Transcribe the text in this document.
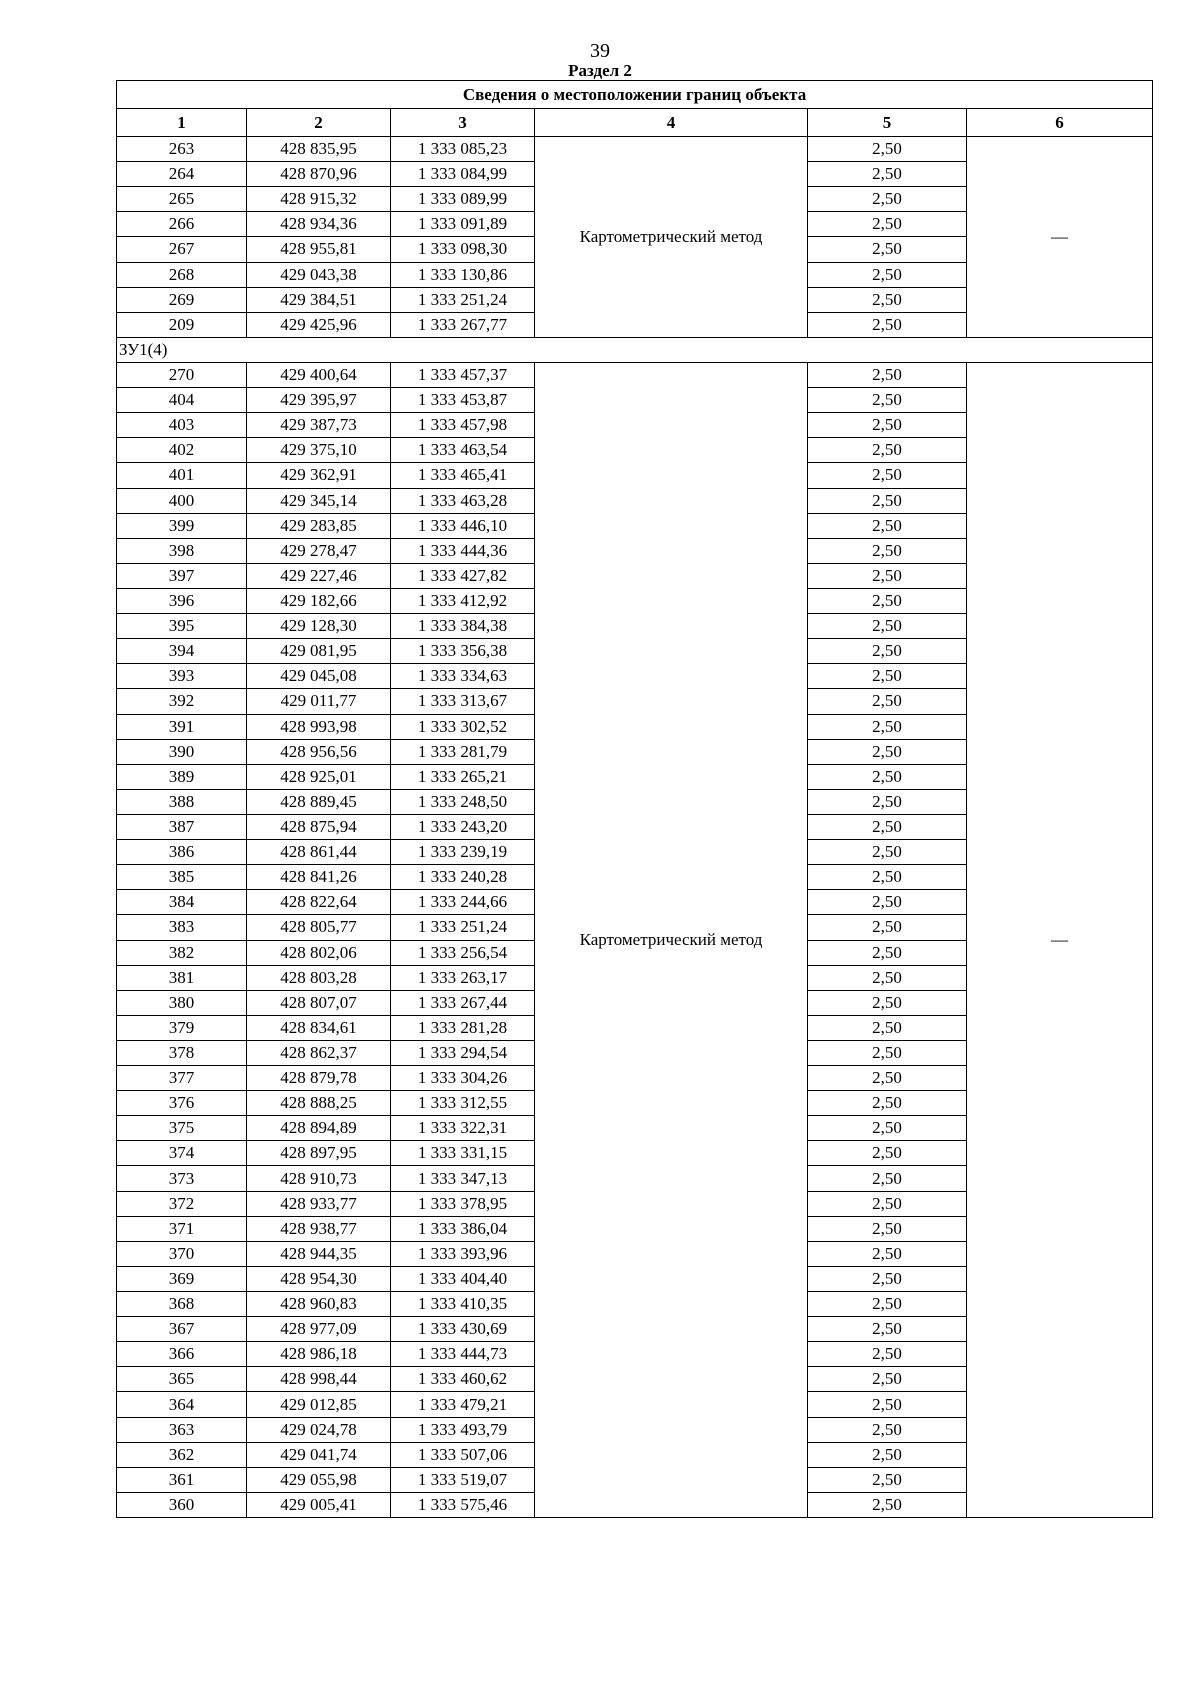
39
Раздел 2
Сведения о местоположении границ объекта					
1	2	3	4	5	6
263	428 835,95	1 333 085,23	Картометрический метод	2,50	—
264	428 870,96	1 333 084,99		2,50	
265	428 915,32	1 333 089,99		2,50	
266	428 934,36	1 333 091,89		2,50	
267	428 955,81	1 333 098,30		2,50	
268	429 043,38	1 333 130,86		2,50	
269	429 384,51	1 333 251,24		2,50	
209	429 425,96	1 333 267,77		2,50	
ЗУ1(4)					
270	429 400,64	1 333 457,37	Картометрический метод	2,50	—
404	429 395,97	1 333 453,87		2,50	
403	429 387,73	1 333 457,98		2,50	
402	429 375,10	1 333 463,54		2,50	
401	429 362,91	1 333 465,41		2,50	
400	429 345,14	1 333 463,28		2,50	
399	429 283,85	1 333 446,10		2,50	
398	429 278,47	1 333 444,36		2,50	
397	429 227,46	1 333 427,82		2,50	
396	429 182,66	1 333 412,92		2,50	
395	429 128,30	1 333 384,38		2,50	
394	429 081,95	1 333 356,38		2,50	
393	429 045,08	1 333 334,63		2,50	
392	429 011,77	1 333 313,67		2,50	
391	428 993,98	1 333 302,52		2,50	
390	428 956,56	1 333 281,79		2,50	
389	428 925,01	1 333 265,21		2,50	
388	428 889,45	1 333 248,50		2,50	
387	428 875,94	1 333 243,20		2,50	
386	428 861,44	1 333 239,19		2,50	
385	428 841,26	1 333 240,28		2,50	
384	428 822,64	1 333 244,66		2,50	
383	428 805,77	1 333 251,24		2,50	
382	428 802,06	1 333 256,54		2,50	
381	428 803,28	1 333 263,17		2,50	
380	428 807,07	1 333 267,44		2,50	
379	428 834,61	1 333 281,28		2,50	
378	428 862,37	1 333 294,54		2,50	
377	428 879,78	1 333 304,26		2,50	
376	428 888,25	1 333 312,55		2,50	
375	428 894,89	1 333 322,31		2,50	
374	428 897,95	1 333 331,15		2,50	
373	428 910,73	1 333 347,13		2,50	
372	428 933,77	1 333 378,95		2,50	
371	428 938,77	1 333 386,04		2,50	
370	428 944,35	1 333 393,96		2,50	
369	428 954,30	1 333 404,40		2,50	
368	428 960,83	1 333 410,35		2,50	
367	428 977,09	1 333 430,69		2,50	
366	428 986,18	1 333 444,73		2,50	
365	428 998,44	1 333 460,62		2,50	
364	429 012,85	1 333 479,21		2,50	
363	429 024,78	1 333 493,79		2,50	
362	429 041,74	1 333 507,06		2,50	
361	429 055,98	1 333 519,07		2,50	
360	429 005,41	1 333 575,46		2,50	
